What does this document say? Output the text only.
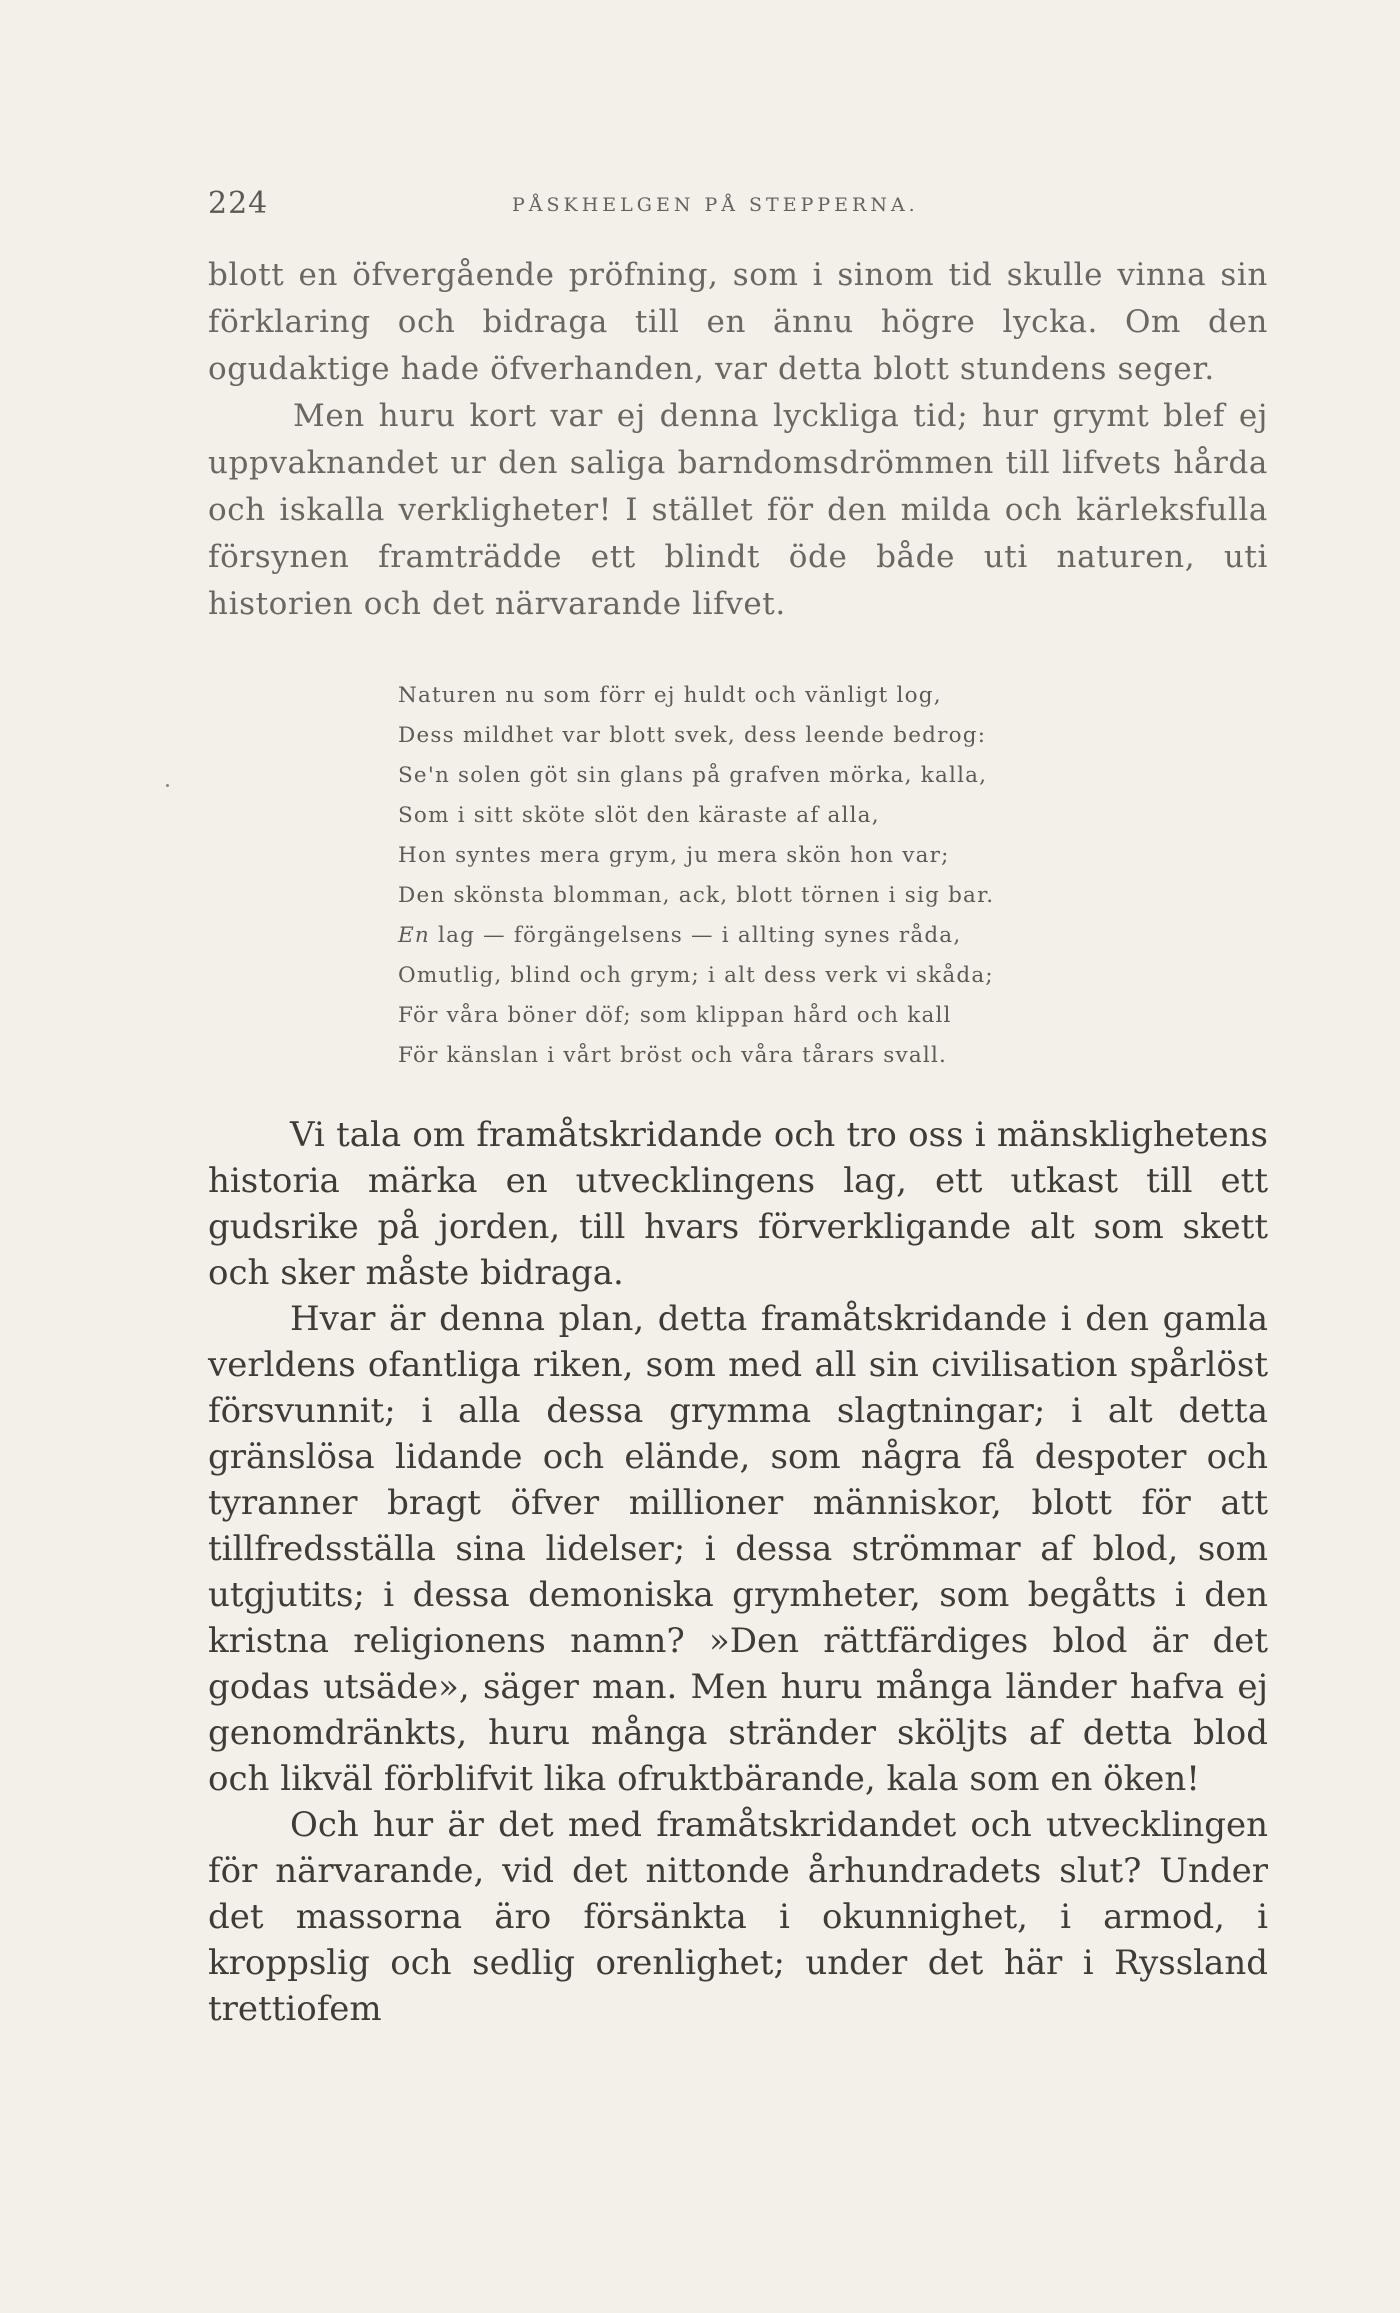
224	PÅSKHELGEN PÅ STEPPERNA.
blott en öfvergående pröfning, som i sinom tid skulle vinna sin förklaring och bidraga till en ännu högre lycka. Om den ogudaktige hade öfverhanden, var detta blott stundens seger.
Men huru kort var ej denna lyckliga tid; hur grymt blef ej uppvaknandet ur den saliga barndomsdrömmen till lifvets hårda och iskalla verkligheter! I stället för den milda och kärleksfulla försynen framträdde ett blindt öde både uti naturen, uti historien och det närvarande lifvet.
Naturen nu som förr ej huldt och vänligt log,
Dess mildhet var blott svek, dess leende bedrog:
Se'n solen göt sin glans på grafven mörka, kalla,
Som i sitt sköte slöt den käraste af alla,
Hon syntes mera grym, ju mera skön hon var;
Den skönsta blomman, ack, blott törnen i sig bar.
En lag — förgängelsens — i allting synes råda,
Omutlig, blind och grym; i alt dess verk vi skåda;
För våra böner döf; som klippan hård och kall
För känslan i vårt bröst och våra tårars svall.
Vi tala om framåtskridande och tro oss i mänsklighetens historia märka en utvecklingens lag, ett utkast till ett gudsrike på jorden, till hvars förverkligande alt som skett och sker måste bidraga.
Hvar är denna plan, detta framåtskridande i den gamla verldens ofantliga riken, som med all sin civilisation spårlöst försvunnit; i alla dessa grymma slagtningar; i alt detta gränslösa lidande och elände, som några få despoter och tyranner bragt öfver millioner människor, blott för att tillfredsställa sina lidelser; i dessa strömmar af blod, som utgjutits; i dessa demoniska grymheter, som begåtts i den kristna religionens namn? »Den rättfärdiges blod är det godas utsäde», säger man. Men huru många länder hafva ej genomdränkts, huru många stränder sköljts af detta blod och likväl förblifvit lika ofruktbärande, kala som en öken!
Och hur är det med framåtskridandet och utvecklingen för närvarande, vid det nittonde århundradets slut? Under det massorna äro försänkta i okunnighet, i armod, i kroppslig och sedlig orenlighet; under det här i Ryssland trettiofem
